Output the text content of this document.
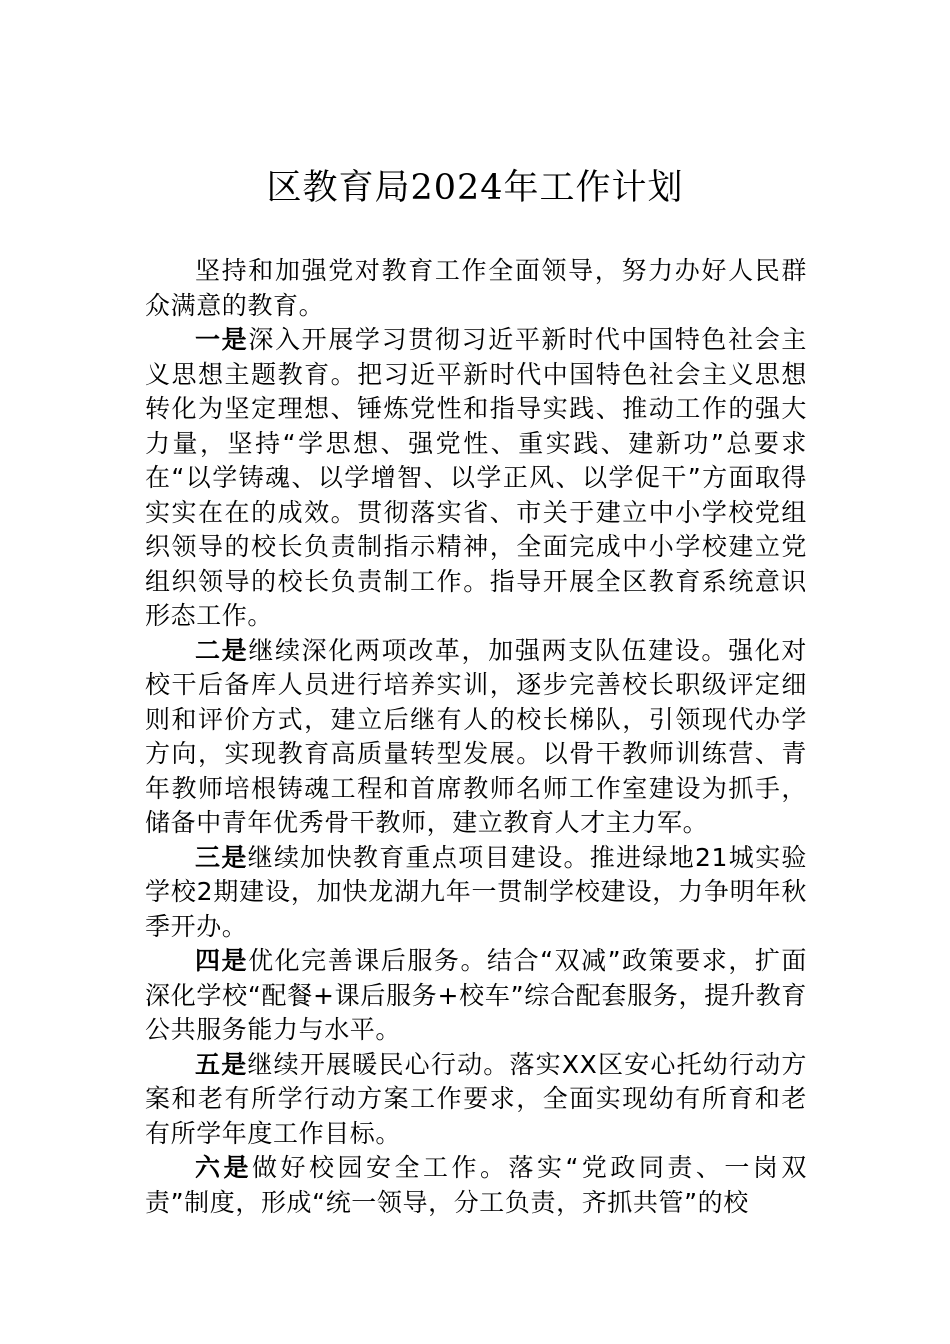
区教育局2024年工作计划

坚持和加强党对教育工作全面领导，努力办好人民群众满意的教育。

一是深入开展学习贯彻习近平新时代中国特色社会主义思想主题教育。把习近平新时代中国特色社会主义思想转化为坚定理想、锤炼党性和指导实践、推动工作的强大力量，坚持“学思想、强党性、重实践、建新功”总要求在“以学铸魂、以学增智、以学正风、以学促干”方面取得实实在在的成效。贯彻落实省、市关于建立中小学校党组织领导的校长负责制指示精神，全面完成中小学校建立党组织领导的校长负责制工作。指导开展全区教育系统意识形态工作。

二是继续深化两项改革，加强两支队伍建设。强化对校干后备库人员进行培养实训，逐步完善校长职级评定细则和评价方式，建立后继有人的校长梯队，引领现代办学方向，实现教育高质量转型发展。以骨干教师训练营、青年教师培根铸魂工程和首席教师名师工作室建设为抓手，储备中青年优秀骨干教师，建立教育人才主力军。

三是继续加快教育重点项目建设。推进绿地21城实验学校2期建设，加快龙湖九年一贯制学校建设，力争明年秋季开办。

四是优化完善课后服务。结合“双减”政策要求，扩面深化学校“配餐+课后服务+校车”综合配套服务，提升教育公共服务能力与水平。

五是继续开展暖民心行动。落实XX区安心托幼行动方案和老有所学行动方案工作要求，全面实现幼有所育和老有所学年度工作目标。

六是做好校园安全工作。落实“党政同责、一岗双责”制度，形成“统一领导，分工负责，齐抓共管”的校
